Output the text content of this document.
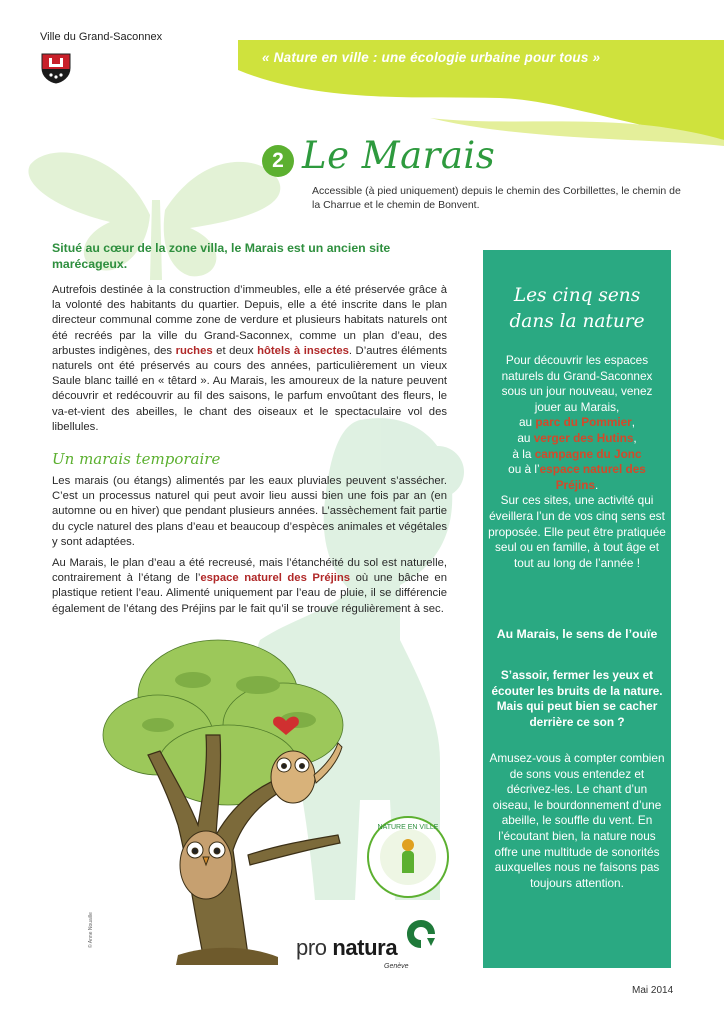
Ville du Grand-Saconnex
« Nature en ville : une écologie urbaine pour tous »
2 Le Marais
Accessible (à pied uniquement) depuis le chemin des Corbillettes, le chemin de la Charrue et le chemin de Bonvent.
Situé au cœur de la zone villa, le Marais est un ancien site marécageux.
Autrefois destinée à la construction d’immeubles, elle a été préservée grâce à la volonté des habitants du quartier. Depuis, elle a été inscrite dans le plan directeur communal comme zone de verdure et plusieurs habitats naturels ont été recréés par la ville du Grand-Saconnex, comme un plan d’eau, des arbustes indigènes, des ruches et deux hôtels à insectes. D’autres éléments naturels ont été préservés au cours des années, particulièrement un vieux Saule blanc taillé en « têtard ». Au Marais, les amoureux de la nature peuvent découvrir et redécouvrir au fil des saisons, le parfum envoûtant des fleurs, le va-et-vient des abeilles, le chant des oiseaux et le spectaculaire vol des libellules.
Un marais temporaire
Les marais (ou étangs) alimentés par les eaux pluviales peuvent s’assécher. C’est un processus naturel qui peut avoir lieu aussi bien une fois par an (en automne ou en hiver) que pendant plusieurs années. L’assèchement fait partie du cycle naturel des plans d’eau et beaucoup d’espèces animales et végétales y sont adaptées.
Au Marais, le plan d’eau a été recreusé, mais l’étanchéité du sol est naturelle, contrairement à l’étang de l’espace naturel des Préjins où une bâche en plastique retient l’eau. Alimenté uniquement par l’eau de pluie, il se différencie également de l’étang des Préjins par le fait qu’il se trouve régulièrement à sec.
Les cinq sens
dans la nature
Pour découvrir les espaces naturels du Grand-Saconnex sous un jour nouveau, venez jouer au Marais,
au parc du Pommier,
au verger des Hutins,
à la campagne du Jonc
ou à l’espace naturel des Préjins.
Sur ces sites, une activité qui éveillera l’un de vos cinq sens est proposée. Elle peut être pratiquée seul ou en famille, à tout âge et tout au long de l’année !
Au Marais, le sens de l’ouïe
S’assoir, fermer les yeux et écouter les bruits de la nature. Mais qui peut bien se cacher derrière ce son ?
Amusez-vous à compter combien de sons vous entendez et décrivez-les. Le chant d’un oiseau, le bourdonnement d’une abeille, le souffle du vent. En l’écoutant bien, la nature nous offre une multitude de sonorités auxquelles nous ne faisons pas toujours attention.
© Anne Nouaille
NATURE EN VILLE
pro natura
Genève
Mai 2014
